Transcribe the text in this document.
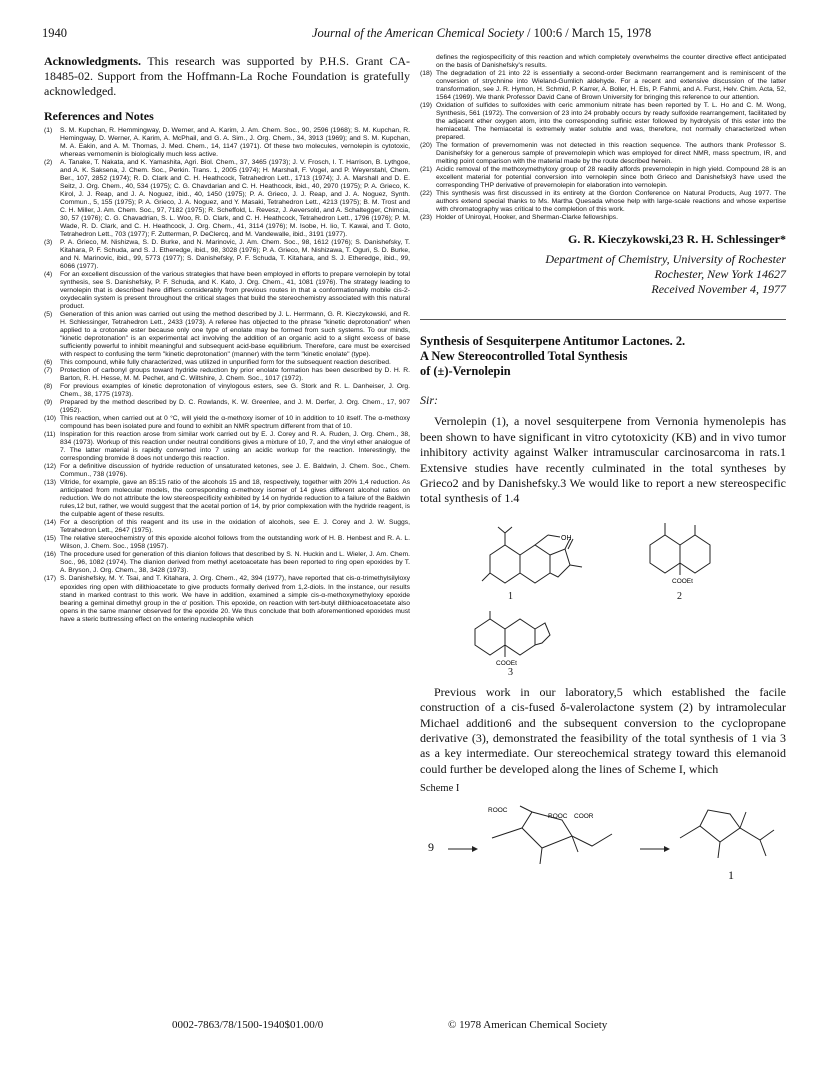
1940	Journal of the American Chemical Society / 100:6 / March 15, 1978

Acknowledgments. This research was supported by P.H.S. Grant CA-18485-02. Support from the Hoffmann-La Roche Foundation is gratefully acknowledged.

References and Notes
(1)	S. M. Kupchan, R. Hemmingway, D. Werner, and A. Karim, J. Am. Chem. Soc., 90, 2596 (1968); S. M. Kupchan, R. Hemingway, D. Werner, A. Karim, A. McPhail, and G. A. Sim., J. Org. Chem., 34, 3913 (1969); and S. M. Kupchan, M. A. Eakin, and A. M. Thomas, J. Med. Chem., 14, 1147 (1971). Of these two molecules, vernolepin is cytotoxic, whereas vernomenin is biologically much less active.
(2)	A. Tanake, T. Nakata, and K. Yamashita, Agri. Biol. Chem., 37, 3465 (1973); J. V. Frosch, I. T. Harrison, B. Lythgoe, and A. K. Saksena, J. Chem. Soc., Perkin. Trans. 1, 2005 (1974); H. Marshall, F. Vogel, and P. Weyerstahl, Chem. Ber., 107, 2852 (1974); R. D. Clark and C. H. Heathcock, Tetrahedron Lett., 1713 (1974); J. A. Marshall and D. E. Seitz, J. Org. Chem., 40, 534 (1975); C. G. Chavdarian and C. H. Heathcock, ibid., 40, 2970 (1975); P. A. Grieco, K. Kirol, J. J. Reap, and J. A. Noguez, ibid., 40, 1450 (1975); P. A. Grieco, J. J. Reap, and J. A. Noguez, Synth. Commun., 5, 155 (1975); P. A. Grieco, J. A. Noguez, and Y. Masaki, Tetrahedron Lett., 4213 (1975); B. M. Trost and C. H. Miller, J. Am. Chem. Soc., 97, 7182 (1975); R. Scheffold, L. Revesz, J. Aeversold, and A. Schaltegger, Chimcia, 30, 57 (1976); C. G. Chavadrian, S. L. Woo, R. D. Clark, and C. H. Heathcock, Tetrahedron Lett., 1796 (1976); P. M. Wade, R. D. Clark, and C. H. Heathcock, J. Org. Chem., 41, 3114 (1976); M. Isobe, H. Iio, T. Kawai, and T. Goto, Tetrahedron Lett., 703 (1977); F. Zutterman, P. DeClercq, and M. Vandewalle, ibid., 3191 (1977).
(3)	P. A. Grieco, M. Nishizwa, S. D. Burke, and N. Marinovic, J. Am. Chem. Soc., 98, 1612 (1976); S. Danishefsky, T. Kitahara, P. F. Schuda, and S. J. Etheredge, ibid., 98, 3028 (1976); P. A. Grieco, M. Nishizawa, T. Oguri, S. D. Burke, and N. Marinovic, ibid., 99, 5773 (1977); S. Danishefsky, P. F. Schuda, T. Kitahara, and S. J. Etheredge, ibid., 99, 6066 (1977).
(4)	For an excellent discussion of the various strategies that have been employed in efforts to prepare vernolepin by total synthesis, see S. Danishefsky, P. F. Schuda, and K. Kato, J. Org. Chem., 41, 1081 (1976). The strategy leading to vernolepin that is described here differs considerably from previous routes in that a conformationally mobile cis-2-oxydecalin system is present throughout the critical stages that build the stereochemistry associated with this natural product.
(5)	Generation of this anion was carried out using the method described by J. L. Herrmann, G. R. Kieczykowski, and R. H. Schlessinger, Tetrahedron Lett., 2433 (1973). A referee has objected to the phrase "kinetic deprotonation" when applied to a crotonate ester because only one type of enolate may be formed from such systems. To our minds, "kinetic deprotonation" is an experimental act involving the addition of an organic acid to a slight excess of base sufficiently powerful to inhibit meaningful and subsequent acid-base equilibrium. Therefore, care must be exercised with respect to confusing the term "kinetic deprotonation" (manner) with the term "kinetic enolate" (type).
(6)	This compound, while fully characterized, was utilized in unpurified form for the subsequent reaction described.
(7)	Protection of carbonyl groups toward hydride reduction by prior enolate formation has been described by D. H. R. Barton, R. H. Hesse, M. M. Pechet, and C. Wiltshire, J. Chem. Soc., 1017 (1972).
(8)	For previous examples of kinetic deprotonation of vinylogous esters, see G. Stork and R. L. Danheiser, J. Org. Chem., 38, 1775 (1973).
(9)	Prepared by the method described by D. C. Rowlands, K. W. Greenlee, and J. M. Derfer, J. Org. Chem., 17, 907 (1952).
(10) This reaction, when carried out at 0 °C, will yield the α-methoxy isomer of 10 in addition to 10 itself. The α-methoxy compound has been isolated pure and found to exhibit an NMR spectrum different from that of 10.
(11) Inspiration for this reaction arose from similar work carried out by E. J. Corey and R. A. Ruden, J. Org. Chem., 38, 834 (1973). Workup of this reaction under neutral conditions gives a mixture of 10, 7, and the vinyl ether analogue of 7. The latter material is rapidly converted into 7 using an acidic workup for the reaction. Interestingly, the corresponding bromide 8 does not undergo this reaction.
(12) For a definitive discussion of hydride reduction of unsaturated ketones, see J. E. Baldwin, J. Chem. Soc., Chem. Commun., 738 (1976).
(13) Vitride, for example, gave an 85:15 ratio of the alcohols 15 and 18, respectively, together with 20% 1,4 reduction. As anticipated from molecular models, the corresponding α-methoxy isomer of 14 gives different alcohol ratios on reduction. We do not attribute the low stereospecificity exhibited by 14 on hydride reduction to a failure of the Baldwin rules,12 but, rather, we would suggest that the acetal portion of 14, by prior complexation with the hydride reagent, is the culpable agent of these results.
(14) For a description of this reagent and its use in the oxidation of alcohols, see E. J. Corey and J. W. Suggs, Tetrahedron Lett., 2647 (1975).
(15) The relative stereochemistry of this epoxide alcohol follows from the outstanding work of H. B. Henbest and R. A. L. Wilson, J. Chem. Soc., 1958 (1957).
(16) The procedure used for generation of this dianion follows that described by S. N. Huckin and L. Wieler, J. Am. Chem. Soc., 96, 1082 (1974). The dianion derived from methyl acetoacetate has been reported to ring open epoxides by T. A. Bryson, J. Org. Chem., 38, 3428 (1973).
(17) S. Danishefsky, M. Y. Tsai, and T. Kitahara, J. Org. Chem., 42, 394 (1977), have reported that cis-α-trimethylsilyloxy epoxides ring open with dilithioacetate to give products formally derived from 1,2-diols. In the instance, our results stand in marked contrast to this work. We have in addition, examined a simple cis-α-methoxymethyloxy epoxide bearing a geminal dimethyl group in the α' position. This epoxide, on reaction with tert-butyl dilithioacetoacetate also opens in the same manner observed for the epoxide 20. We thus conclude that both aforementioned epoxides must have a steric buttressing effect on the entering nucleophile which
defines the regiospecificity of this reaction and which completely overwhelms the counter directive effect anticipated on the basis of Danishefsky's results.
(18) The degradation of 21 into 22 is essentially a second-order Beckmann rearrangement and is reminiscent of the conversion of strychnine into Wieland-Gumlich aldehyde. For a recent and extensive discussion of the latter transformation, see J. R. Hymon, H. Schmid, P. Karrer, A. Boller, H. Els, P. Fahrni, and A. Furst, Helv. Chim. Acta, 52, 1564 (1969). We thank Professor David Cane of Brown University for bringing this reference to our attention.
(19) Oxidation of sulfides to sulfoxides with ceric ammonium nitrate has been reported by T. L. Ho and C. M. Wong, Synthesis, 561 (1972). The conversion of 23 into 24 probably occurs by ready sulfoxide rearrangement, facilitated by the adjacent ether oxygen atom, into the corresponding sulfinic ester followed by hydrolysis of this ester into the hemiacetal. The hemiacetal is extremely water soluble and was, therefore, not normally characterized when prepared.
(20) The formation of prevernomenin was not detected in this reaction sequence. The authors thank Professor S. Danishefsky for a generous sample of prevernolepin which was employed for direct NMR, mass spectrum, IR, and melting point comparison with the material made by the route described herein.
(21) Acidic removal of the methoxymethyloxy group of 28 readily affords prevernolepin in high yield. Compound 28 is an excellent material for potential conversion into vernolepin since both Grieco and Danishefsky3 have used the corresponding THP derivative of prevernolepin for elaboration into vernolepin.
(22) This synthesis was first discussed in its entirety at the Gordon Conference on Natural Products, Aug 1977. The authors extend special thanks to Ms. Martha Quesada whose help with large-scale reactions and whose expertise with chromatography was critical to the completion of this work.
(23) Holder of Uniroyal, Hooker, and Sherman-Clarke fellowships.
G. R. Kieczykowski,23 R. H. Schlessinger*
Department of Chemistry, University of Rochester
Rochester, New York 14627
Received November 4, 1977
Synthesis of Sesquiterpene Antitumor Lactones. 2.
A New Stereocontrolled Total Synthesis
of (±)-Vernolepin
Sir:

Vernolepin (1), a novel sesquiterpene from Vernonia hymenolepis has been shown to have significant in vitro cytotoxicity (KB) and in vivo tumor inhibitory activity against Walker intramuscular carcinosarcoma in rats.1 Extensive studies have recently culminated in the total syntheses by Grieco2 and by Danishefsky.3 We would like to report a new stereospecific total synthesis of 1.4

OH
1
COOEt
2
COOEt
3

Previous work in our laboratory,5 which established the facile construction of a cis-fused δ-valerolactone system (2) by intramolecular Michael addition6 and the subsequent conversion to the cyclopropane derivative (3), demonstrated the feasibility of the total synthesis of 1 via 3 as a key intermediate. Our stereochemical strategy toward this elemanoid could further be developed along the lines of Scheme I, which

Scheme I
9
ROOC
ROOC COOR
1
0002-7863/78/1500-1940$01.00/0	© 1978 American Chemical Society
